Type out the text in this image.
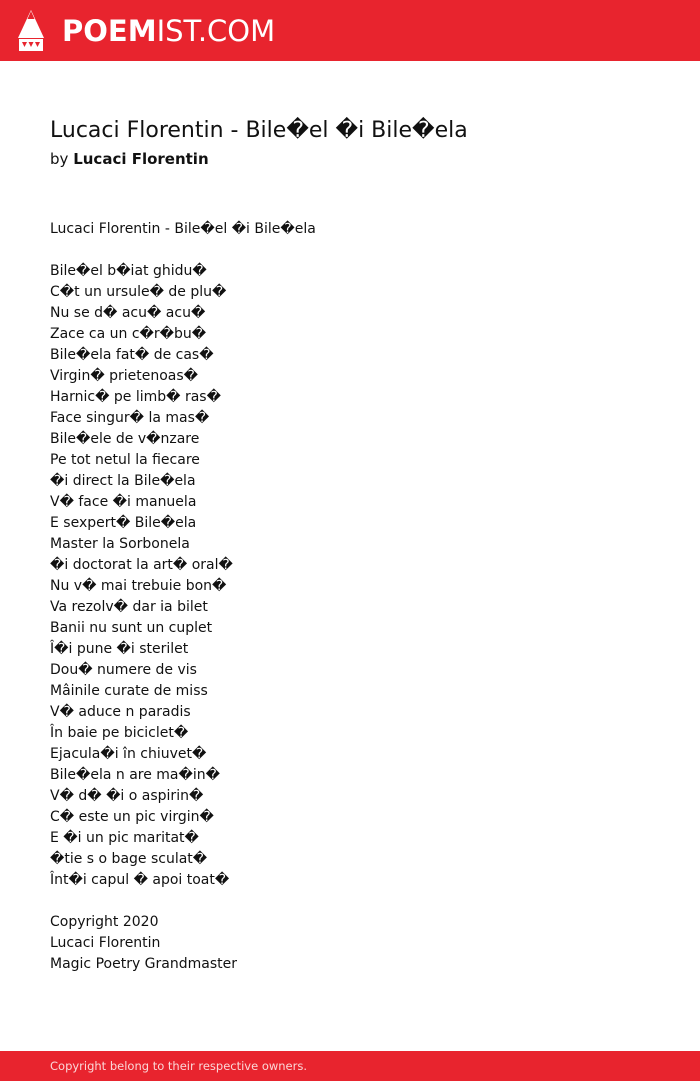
POEMIST.COM
Lucaci Florentin - Bile�el �i Bile�ela
by Lucaci Florentin
Lucaci Florentin - Bile�el �i Bile�ela
Bile�el b�iat ghidu�
C�t un ursule� de plu�
Nu se d� acu� acu�
Zace ca un c�r�bu�
Bile�ela fat� de cas�
Virgin� prietenoas�
Harnic� pe limb� ras�
Face singur� la mas�
Bile�ele de v�nzare
Pe tot netul la fiecare
�i direct la Bile�ela
V� face �i manuela
E sexpert� Bile�ela
Master la Sorbonela
�i doctorat la art� oral�
Nu v� mai trebuie bon�
Va rezolv� dar ia bilet
Banii nu sunt un cuplet
Î�i pune �i sterilet
Dou� numere de vis
Mâinile curate de miss
V� aduce n paradis
În baie pe biciclet�
Ejacula�i în chiuvet�
Bile�ela n are ma�in�
V� d� �i o aspirin�
C� este un pic virgin�
E �i un pic maritat�
�tie s o bage sculat�
Înt�i capul � apoi toat�
Copyright 2020
Lucaci Florentin
Magic Poetry Grandmaster
Copyright belong to their respective owners.
